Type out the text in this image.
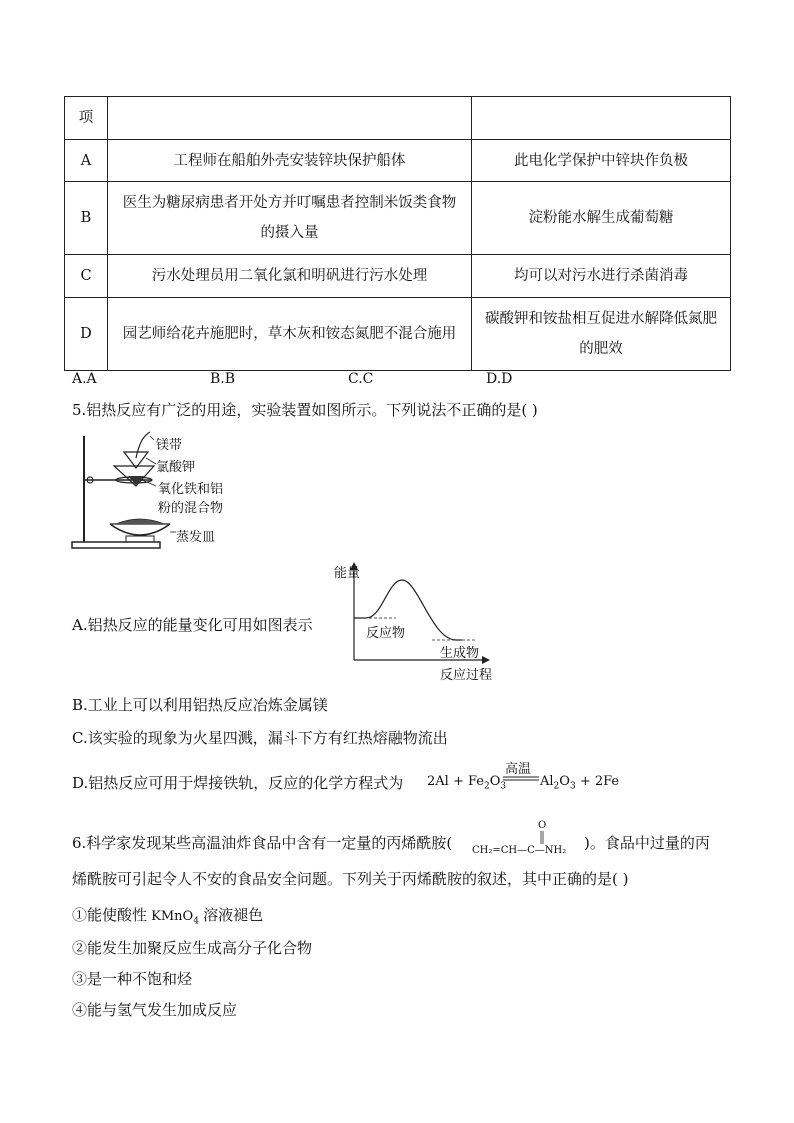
项		
A	工程师在船舶外壳安装锌块保护船体	此电化学保护中锌块作负极
B	医生为糖尿病患者开处方并叮嘱患者控制米饭类食物的摄入量	淀粉能水解生成葡萄糖
C	污水处理员用二氧化氯和明矾进行污水处理	均可以对污水进行杀菌消毒
D	园艺师给花卉施肥时，草木灰和铵态氮肥不混合施用	碳酸钾和铵盐相互促进水解降低氮肥的肥效
A.A	B.B	C.C	D.D
5.铝热反应有广泛的用途，实验装置如图所示。下列说法不正确的是( )
镁带
氯酸钾
氧化铁和铝
粉的混合物
蒸发皿
A.铝热反应的能量变化可用如图表示
能量
反应物
生成物
反应过程
B.工业上可以利用铝热反应冶炼金属镁
C.该实验的现象为火星四溅，漏斗下方有红热熔融物流出
D.铝热反应可用于焊接铁轨，反应的化学方程式为 $2Al + Fe_2O_3$
高温
$Al_2O_3 + 2Fe$
6.科学家发现某些高温油炸食品中含有一定量的丙烯酰胺(
O
CH₂=CH—C—NH₂ )。食品中过量的丙
烯酰胺可引起令人不安的食品安全问题。下列关于丙烯酰胺的叙述，其中正确的是( )
①能使酸性 KMnO$_4$ 溶液褪色
②能发生加聚反应生成高分子化合物
③是一种不饱和烃
④能与氢气发生加成反应
